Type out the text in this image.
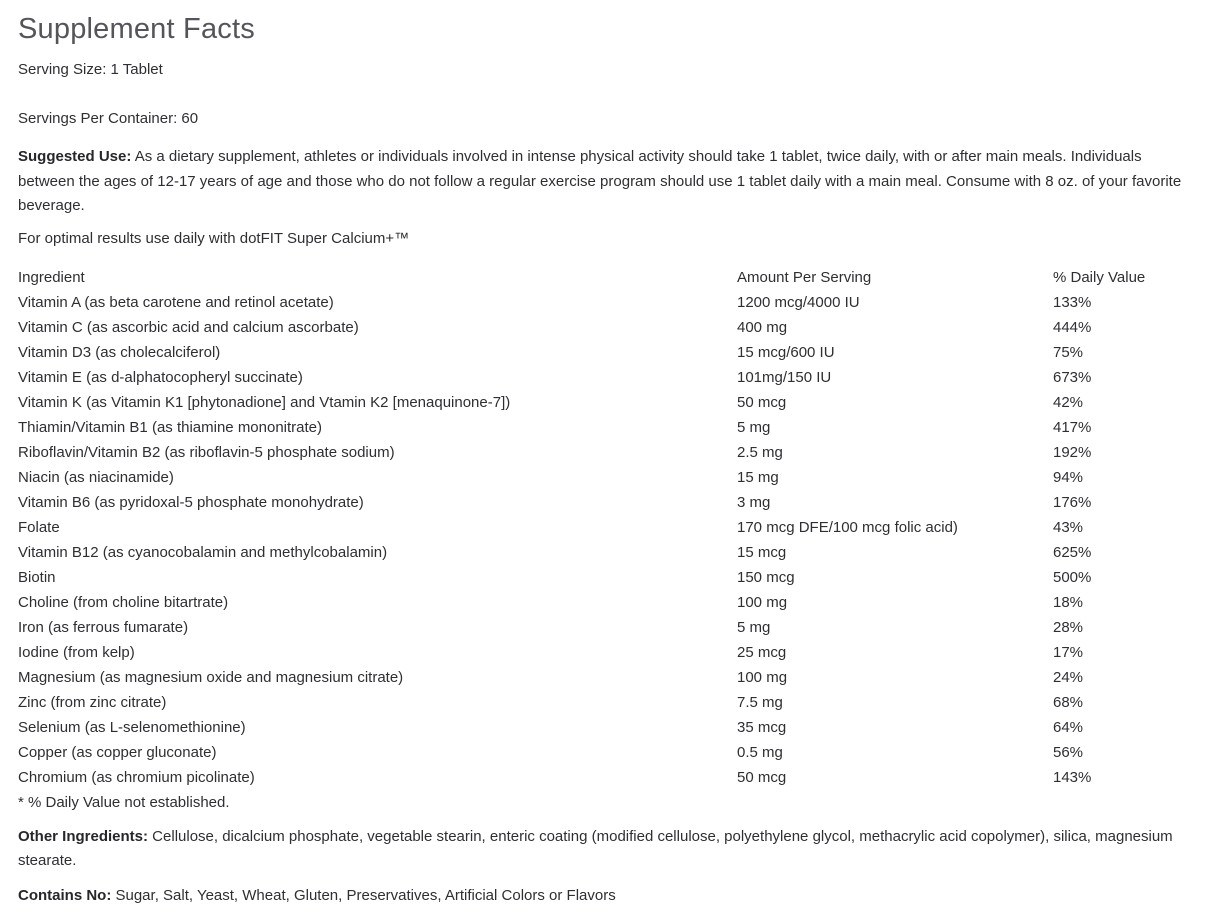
Supplement Facts

Serving Size: 1 Tablet

Servings Per Container: 60

Suggested Use: As a dietary supplement, athletes or individuals involved in intense physical activity should take 1 tablet, twice daily, with or after main meals. Individuals between the ages of 12-17 years of age and those who do not follow a regular exercise program should use 1 tablet daily with a main meal. Consume with 8 oz. of your favorite beverage.

For optimal results use daily with dotFIT Super Calcium+™

Ingredient	Amount Per Serving	% Daily Value
Vitamin A (as beta carotene and retinol acetate)	1200 mcg/4000 IU	133%
Vitamin C (as ascorbic acid and calcium ascorbate)	400 mg	444%
Vitamin D3 (as cholecalciferol)	15 mcg/600 IU	75%
Vitamin E (as d-alphatocopheryl succinate)	101mg/150 IU	673%
Vitamin K (as Vitamin K1 [phytonadione] and Vtamin K2 [menaquinone-7])	50 mcg	42%
Thiamin/Vitamin B1 (as thiamine mononitrate)	5 mg	417%
Riboflavin/Vitamin B2 (as riboflavin-5 phosphate sodium)	2.5 mg	192%
Niacin (as niacinamide)	15 mg	94%
Vitamin B6 (as pyridoxal-5 phosphate monohydrate)	3 mg	176%
Folate	170 mcg DFE/100 mcg folic acid)	43%
Vitamin B12 (as cyanocobalamin and methylcobalamin)	15 mcg	625%
Biotin	150 mcg	500%
Choline (from choline bitartrate)	100 mg	18%
Iron (as ferrous fumarate)	5 mg	28%
Iodine (from kelp)	25 mcg	17%
Magnesium (as magnesium oxide and magnesium citrate)	100 mg	24%
Zinc (from zinc citrate)	7.5 mg	68%
Selenium (as L-selenomethionine)	35 mcg	64%
Copper (as copper gluconate)	0.5 mg	56%
Chromium (as chromium picolinate)	50 mcg	143%

* % Daily Value not established.

Other Ingredients: Cellulose, dicalcium phosphate, vegetable stearin, enteric coating (modified cellulose, polyethylene glycol, methacrylic acid copolymer), silica, magnesium stearate.

Contains No: Sugar, Salt, Yeast, Wheat, Gluten, Preservatives, Artificial Colors or Flavors
